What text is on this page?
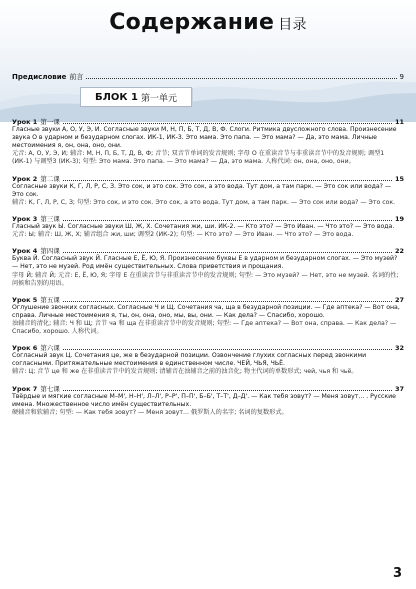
Содержание 目录
Предисловие 前言	9
БЛОК 1 第一单元
Урок 1 第一课	11
Гласные звуки А, О, У, Э, И. Согласные звуки М, Н, П, Б, Т, Д, В, Ф. Слоги. Ритмика двусложного слова. Произнесение звука О в ударном и безударном слогах. ИК-1, ИК-3. Это мама. Это папа. — Это мама? — Да, это мама. Личные местоимения я, он, она, оно, они.
元音: А, О, У, Э, И; 辅音: М, Н, П, Б, Т, Д, В, Ф; 音节; 双音节单词的发音规则; 字母 О 在重读音节与非重读音节中的发音规则; 调型1 (ИК-1) 与调型3 (ИК-3); 句型: Это мама. Это папа. — Это мама? — Да, это мама. 人称代词: он, она, оно, они。
Урок 2 第二课	15
Согласные звуки К, Г, Л, Р, С, З. Это сок, и это сок. Это сок, а это вода. Тут дом, а там парк. — Это сок или вода? — Это сок.
辅音: К, Г, Л, Р, С, З; 句型: Это сок, и это сок. Это сок, а это вода. Тут дом, а там парк. — Это сок или вода? — Это сок.
Урок 3 第三课	19
Гласный звук Ы. Согласные звуки Ш, Ж, Х. Сочетания жи, ши. ИК-2. — Кто это? — Это Иван. — Что это? — Это вода.
元音: Ы; 辅音: Ш, Ж, Х; 辅音组合 жи, ши; 调型2 (ИК-2); 句型: — Кто это? — Это Иван. — Что это? — Это вода.
Урок 4 第四课	22
Буква Й. Согласный звук Й. Гласные Е, Ё, Ю, Я. Произнесение буквы Е в ударном и безударном слогах. — Это музей? — Нет, это не музей. Род имён существительных. Слова приветствия и прощания.
字母 Й; 辅音 Й; 元音: Е, Ё, Ю, Я; 字母 Е 在重读音节与非重读音节中的发音规则; 句型: — Это музей? — Нет, это не музей. 名词的性; 问候和告别的用语。
Урок 5 第五课	27
Оглушение звонких согласных. Согласные Ч и Щ. Сочетания ча, ща в безударной позиции. — Где аптека? — Вот она, справа. Личные местоимения я, ты, он, она, оно, мы, вы, они. — Как дела? — Спасибо, хорошо.
浊辅音的清化; 辅音: Ч 和 Щ; 音节 ча 和 ща 在非重读音节中的发音规则; 句型: — Где аптека? — Вот она, справа. — Как дела? — Спасибо, хорошо. 人称代词。
Урок 6 第六课	32
Согласный звук Ц. Сочетания це, же в безударной позиции. Озвончение глухих согласных перед звонкими согласными. Притяжательные местоимения в единственном числе. ЧЕЙ, ЧЬЯ, ЧЬЁ.
辅音: Ц; 音节 це 和 же 在非重读音节中的发音规则; 清辅音在浊辅音之前的浊音化; 物主代词的单数形式; чей, чья 和 чьё。
Урок 7 第七课	37
Твёрдые и мягкие согласные М–М', Н–Н', Л–Л', Р–Р', П–П', Б–Б', Т–Т', Д–Д'. — Как тебя зовут? — Меня зовут... . Русские имена. Множественное число имён существительных.
硬辅音和软辅音; 句型: — Как тебя зовут? — Меня зовут... 俄罗斯人的名字; 名词的复数形式。
3
